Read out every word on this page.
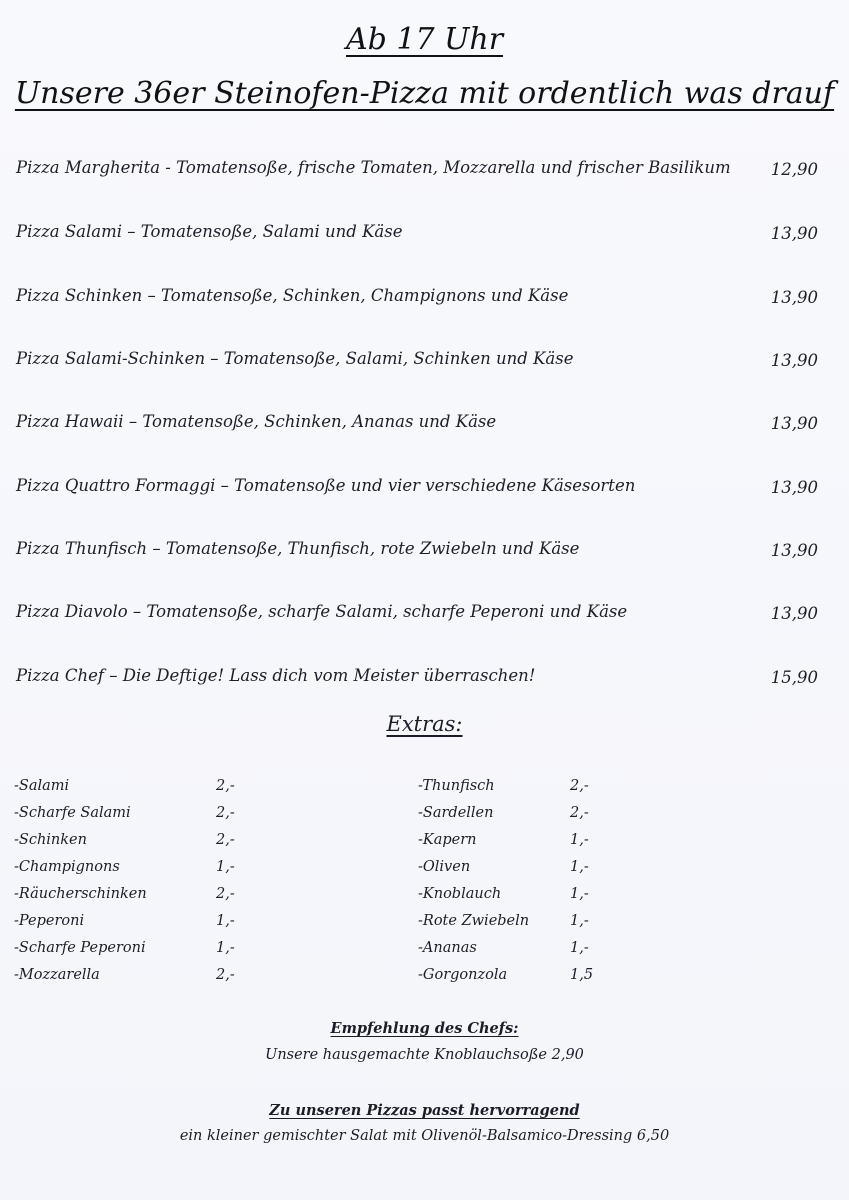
Ab 17 Uhr
Unsere 36er Steinofen-Pizza mit ordentlich was drauf
Pizza Margherita - Tomatensoße, frische Tomaten, Mozzarella und frischer Basilikum 12,90
Pizza Salami – Tomatensoße, Salami und Käse	13,90
Pizza Schinken – Tomatensoße, Schinken, Champignons und Käse	13,90
Pizza Salami-Schinken – Tomatensoße, Salami, Schinken und Käse	13,90
Pizza Hawaii – Tomatensoße, Schinken, Ananas und Käse	13,90
Pizza Quattro Formaggi – Tomatensoße und vier verschiedene Käsesorten	13,90
Pizza Thunfisch – Tomatensoße, Thunfisch, rote Zwiebeln und Käse	13,90
Pizza Diavolo – Tomatensoße, scharfe Salami, scharfe Peperoni und Käse	13,90
Pizza Chef – Die Deftige! Lass dich vom Meister überraschen!	15,90
Extras:
-Salami	2,-
-Scharfe Salami	2,-
-Schinken	2,-
-Champignons	1,-
-Räucherschinken	2,-
-Peperoni	1,-
-Scharfe Peperoni	1,-
-Mozzarella	2,-
-Thunfisch	2,-
-Sardellen	2,-
-Kapern	1,-
-Oliven	1,-
-Knoblauch	1,-
-Rote Zwiebeln	1,-
-Ananas	1,-
-Gorgonzola	1,5
Empfehlung des Chefs:
Unsere hausgemachte Knoblauchsoße 2,90
Zu unseren Pizzas passt hervorragend
ein kleiner gemischter Salat mit Olivenöl-Balsamico-Dressing 6,50
